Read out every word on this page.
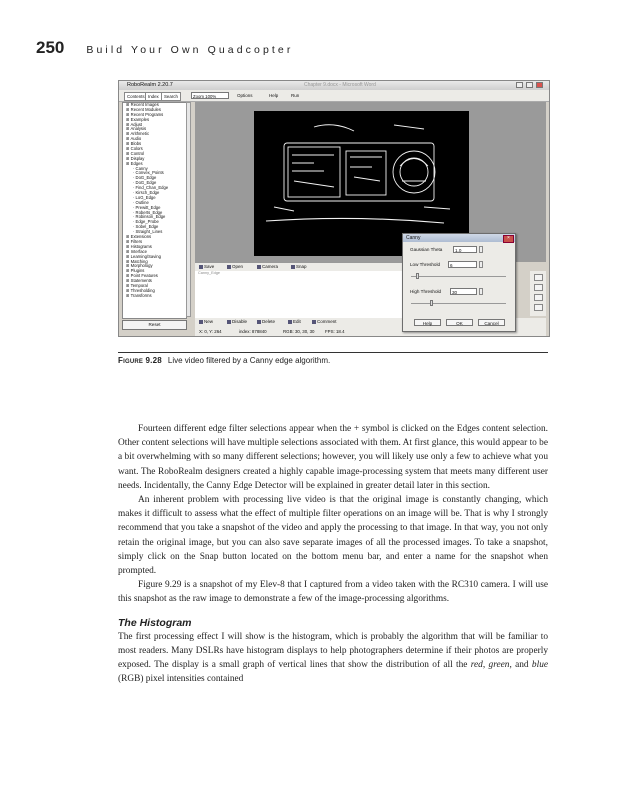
250 Build Your Own Quadcopter
RoboRealm 2.20.7	Chapter 9.docx - Microsoft Word
Contents Index	Search	Zoom 100%	Options	Help	Run
⊞ Recent Images
⊞ Recent Modules
⊞ Recent Programs
⊞ Examples
⊞ Adjust
⊞ Analysis
⊞ Arithmetic
⊞ Audio
⊞ Blobs
⊞ Colors
⊞ Control
⊞ Display
⊞ Edges
· Canny
· Convex_Points
· DoG_Edge
· DoG_Edge
· Find_Chan_Edge
· Kirsch_Edge
· LoG_Edge
· Outline
· Prewitt_Edge
· Roberts_Edge
· Robinson_Edge
· Edge_Probe
· Sobel_Edge
· Straight_Lines
⊞ Extensions
⊞ Filters
⊞ Histograms
⊞ Interface
⊞ Learning/Saving
⊞ Matching
⊞ Morphology
⊞ Plugins
⊞ Point Features
⊞ Statements
⊞ Temporal
⊞ Thresholding
⊞ Transforms
Reset
Save	Open	Camera	Snap
Canny_Edge
New	Disable	Delete	Edit	Comment
X: 0, Y: 264	index: 878840	RGB: 30, 30, 30 FPS: 18.4
Canny	×
Gaussian Theta	1.0
Low Threshold	6
High Threshold	30
Help	OK	Cancel
Figure 9.28 Live video filtered by a Canny edge algorithm.

Fourteen different edge filter selections appear when the + symbol is clicked on the Edges content selection. Other content selections will have multiple selections associated with them. At first glance, this would appear to be a bit overwhelming with so many different selections; however, you will likely use only a few to achieve what you want. The RoboRealm designers created a highly capable image-processing system that meets many different user needs. Incidentally, the Canny Edge Detector will be explained in greater detail later in this section.

An inherent problem with processing live video is that the original image is constantly changing, which makes it difficult to assess what the effect of multiple filter operations on an image will be. That is why I strongly recommend that you take a snapshot of the video and apply the processing to that image. In that way, you not only retain the original image, but you can also save separate images of all the processed images. To take a snapshot, simply click on the Snap button located on the bottom menu bar, and enter a name for the snapshot when prompted.

Figure 9.29 is a snapshot of my Elev-8 that I captured from a video taken with the RC310 camera. I will use this snapshot as the raw image to demonstrate a few of the image-processing algorithms.

The Histogram

The first processing effect I will show is the histogram, which is probably the algorithm that will be familiar to most readers. Many DSLRs have histogram displays to help photographers determine if their photos are properly exposed. The display is a small graph of vertical lines that show the distribution of all the red, green, and blue (RGB) pixel intensities contained
